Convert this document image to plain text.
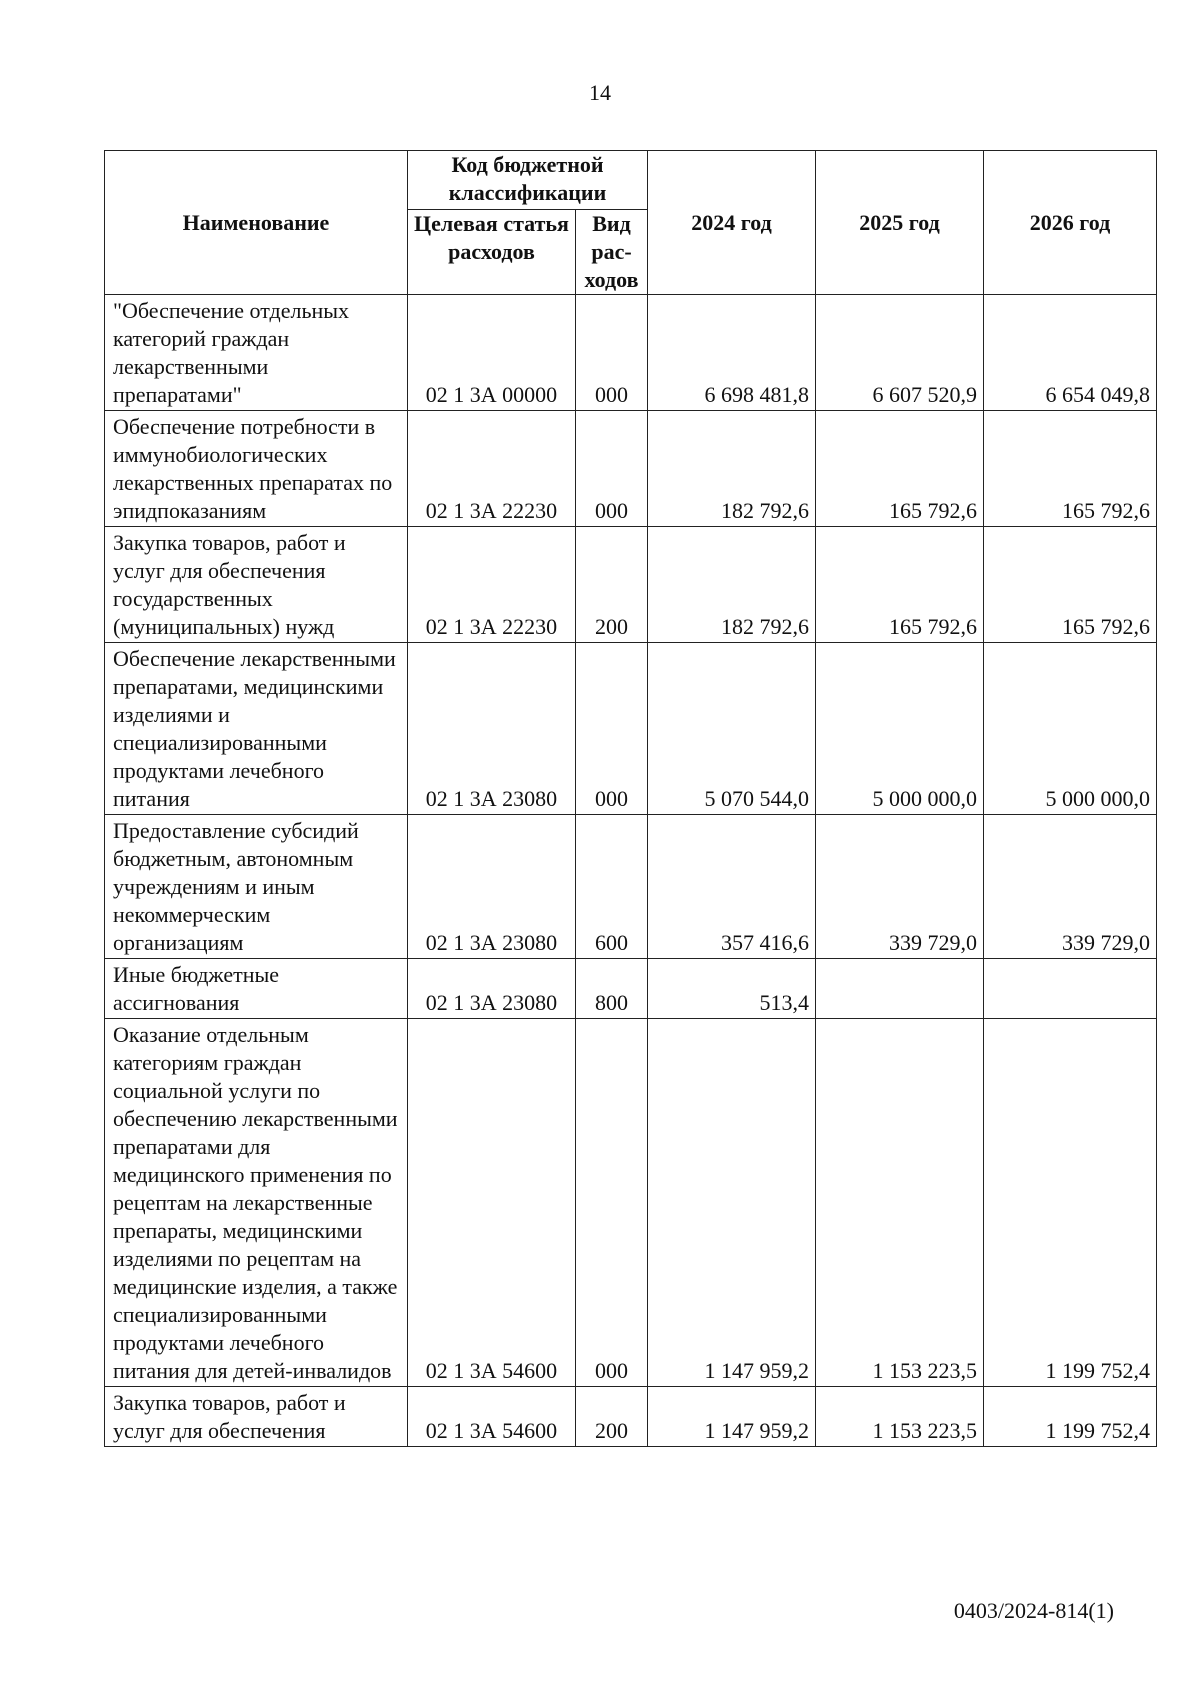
14
Наименование	Код бюджетной классификации		2024 год	2025 год	2026 год
	Целевая статья расходов	Вид рас-ходов			
"Обеспечение отдельных категорий граждан лекарственными препаратами"	02 1 3А 00000	000	6 698 481,8	6 607 520,9	6 654 049,8
Обеспечение потребности в иммунобиологических лекарственных препаратах по эпидпоказаниям	02 1 3А 22230	000	182 792,6	165 792,6	165 792,6
Закупка товаров, работ и услуг для обеспечения государственных (муниципальных) нужд	02 1 3А 22230	200	182 792,6	165 792,6	165 792,6
Обеспечение лекарственными препаратами, медицинскими изделиями и специализированными продуктами лечебного питания	02 1 3А 23080	000	5 070 544,0	5 000 000,0	5 000 000,0
Предоставление субсидий бюджетным, автономным учреждениям и иным некоммерческим организациям	02 1 3А 23080	600	357 416,6	339 729,0	339 729,0
Иные бюджетные ассигнования	02 1 3А 23080	800	513,4		
Оказание отдельным категориям граждан социальной услуги по обеспечению лекарственными препаратами для медицинского применения по рецептам на лекарственные препараты, медицинскими изделиями по рецептам на медицинские изделия, а также специализированными продуктами лечебного питания для детей-инвалидов	02 1 3А 54600	000	1 147 959,2	1 153 223,5	1 199 752,4
Закупка товаров, работ и услуг для обеспечения	02 1 3А 54600	200	1 147 959,2	1 153 223,5	1 199 752,4
0403/2024-814(1)
